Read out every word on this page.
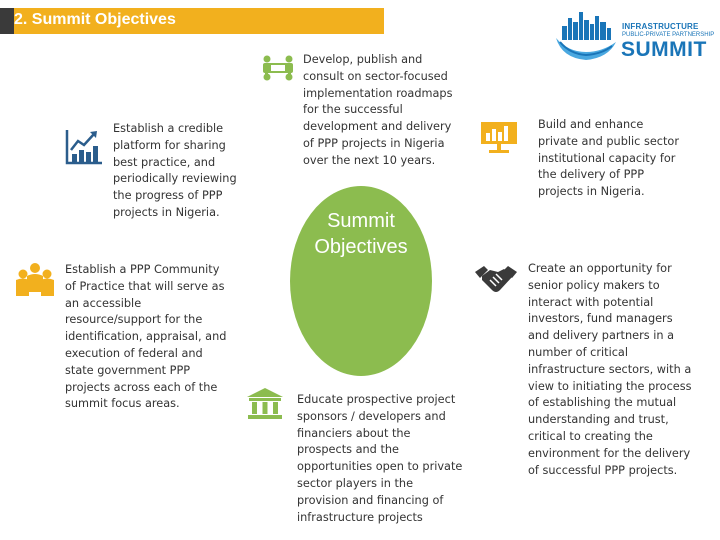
2. Summit Objectives	INFRASTRUCTURE
PUBLIC-PRIVATE PARTNERSHIP
SUMMIT
Summit
Objectives
Establish a credible
platform for sharing
best practice, and
periodically reviewing
the progress of PPP
projects in Nigeria.
Develop, publish and
consult on sector-focused
implementation roadmaps
for the successful
development and delivery
of PPP projects in Nigeria
over the next 10 years.
Build and enhance
private and public sector
institutional capacity for
the delivery of PPP
projects in Nigeria.
Establish a PPP Community
of Practice that will serve as
an accessible
resource/support for the
identification, appraisal, and
execution of federal and
state government PPP
projects across each of the
summit focus areas.	Educate prospective project
sponsors / developers and
financiers about the
prospects and the
opportunities open to private
sector players in the
provision and financing of
infrastructure projects
Create an opportunity for
senior policy makers to
interact with potential
investors, fund managers
and delivery partners in a
number of critical
infrastructure sectors, with a
view to initiating the process
of establishing the mutual
understanding and trust,
critical to creating the
environment for the delivery
of successful PPP projects.
